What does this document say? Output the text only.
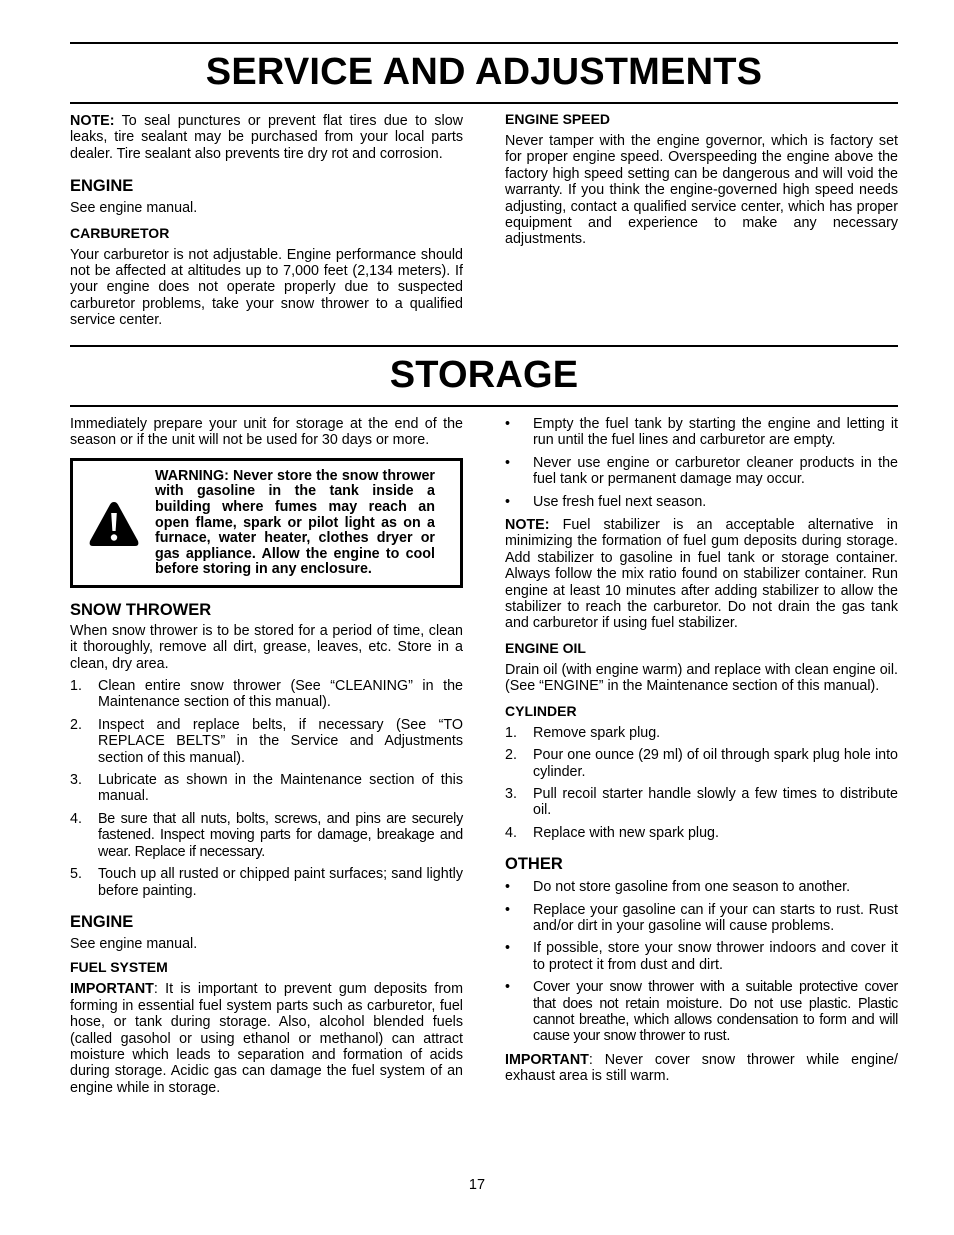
SERVICE AND ADJUSTMENTS

NOTE: To seal punctures or prevent flat tires due to slow leaks, tire sealant may be purchased from your local parts dealer. Tire sealant also prevents tire dry rot and corrosion.

ENGINE

See engine manual.

CARBURETOR

Your carburetor is not adjustable. Engine performance should not be affected at altitudes up to 7,000 feet (2,134 meters). If your engine does not operate properly due to suspected carburetor problems, take your snow thrower to a qualified service center.

ENGINE SPEED

Never tamper with the engine governor, which is factory set for proper engine speed. Overspeeding the engine above the factory high speed setting can be dangerous and will void the warranty. If you think the engine-governed high speed needs adjusting, contact a qualified service center, which has proper equipment and experience to make any necessary adjustments.

STORAGE

Immediately prepare your unit for storage at the end of the season or if the unit will not be used for 30 days or more.

WARNING: Never store the snow thrower with gasoline in the tank inside a building where fumes may reach an open flame, spark or pilot light as on a furnace, water heater, clothes dryer or gas appliance. Allow the engine to cool before storing in any enclosure.
SNOW THROWER

When snow thrower is to be stored for a period of time, clean it thoroughly, remove all dirt, grease, leaves, etc. Store in a clean, dry area.

1.	Clean entire snow thrower (See “CLEANING” in the Maintenance section of this manual).
2.	Inspect and replace belts, if necessary (See “TO REPLACE BELTS” in the Service and Adjustments section of this manual).
3.	Lubricate as shown in the Maintenance section of this manual.
4.	Be sure that all nuts, bolts, screws, and pins are securely fastened. Inspect moving parts for damage, breakage and wear. Replace if necessary.
5.	Touch up all rusted or chipped paint surfaces; sand lightly before painting.
ENGINE

See engine manual.

FUEL SYSTEM

IMPORTANT: It is important to prevent gum deposits from forming in essential fuel system parts such as carburetor, fuel hose, or tank during storage. Also, alcohol blended fuels (called gasohol or using ethanol or methanol) can attract moisture which leads to separation and formation of acids during storage. Acidic gas can damage the fuel system of an engine while in storage.

•	Empty the fuel tank by starting the engine and letting it run until the fuel lines and carburetor are empty.
•	Never use engine or carburetor cleaner products in the fuel tank or permanent damage may occur.
•	Use fresh fuel next season.

NOTE: Fuel stabilizer is an acceptable alternative in minimizing the formation of fuel gum deposits during storage. Add stabilizer to gasoline in fuel tank or storage container. Always follow the mix ratio found on stabilizer container. Run engine at least 10 minutes after adding stabilizer to allow the stabilizer to reach the carburetor. Do not drain the gas tank and carburetor if using fuel stabilizer.

ENGINE OIL

Drain oil (with engine warm) and replace with clean engine oil. (See “ENGINE” in the Maintenance section of this manual).

CYLINDER
1.	Remove spark plug.
2.	Pour one ounce (29 ml) of oil through spark plug hole into cylinder.
3.	Pull recoil starter handle slowly a few times to distribute oil.
4.	Replace with new spark plug.
OTHER
•	Do not store gasoline from one season to another.
•	Replace your gasoline can if your can starts to rust. Rust and/or dirt in your gasoline will cause problems.
•	If possible, store your snow thrower indoors and cover it to protect it from dust and dirt.
•	Cover your snow thrower with a suitable protective cover that does not retain moisture. Do not use plastic. Plastic cannot breathe, which allows condensation to form and will cause your snow thrower to rust.

IMPORTANT: Never cover snow thrower while engine/ exhaust area is still warm.

17
